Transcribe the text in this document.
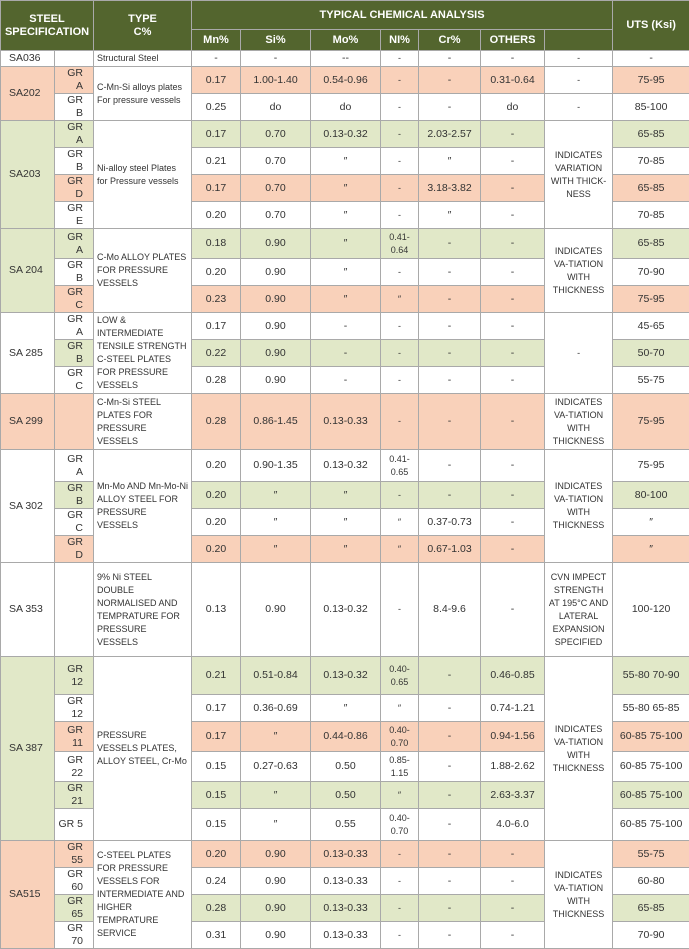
STEEL SPECIFICATION		TYPE
C%	TYPICAL CHEMICAL ANALYSIS							UTS (Ksi)
			Mn%	Si%	Mo%	NI%	Cr%	OTHERS		
SA036		Structural Steel	-	-	--	-	-	-	-	-
SA202	GR A	C-Mn-Si alloys plates For pressure vessels	0.17	1.00-1.40	0.54-0.96	-	-	0.31-0.64	-	75-95
	GR B		0.25	do	do	-	-	do	-	85-100
SA203	GR A	Ni-alloy steel Plates for Pressure vessels	0.17	0.70	0.13-0.32	-	2.03-2.57	-	INDICATES VARIATION WITH THICK-NESS	65-85
	GR B		0.21	0.70	″	-	″	-		70-85
	GR D		0.17	0.70	″	-	3.18-3.82	-		65-85
	GR E		0.20	0.70	″	-	″	-		70-85
SA 204	GR A	C-Mo ALLOY PLATES FOR PRESSURE VESSELS	0.18	0.90	″	0.41-0.64	-	-	INDICATES VA-TIATION WITH THICKNESS	65-85
	GR B		0.20	0.90	″	-	-	-		70-90
	GR C		0.23	0.90	″	″	-	-		75-95
SA 285	GR A	LOW & INTERMEDIATE TENSILE STRENGTH C-STEEL PLATES FOR PRESSURE VESSELS	0.17	0.90	-	-	-	-	-	45-65
	GR B		0.22	0.90	-	-	-	-		50-70
	GR C		0.28	0.90	-	-	-	-		55-75
SA 299		C-Mn-Si STEEL PLATES FOR PRESSURE VESSELS	0.28	0.86-1.45	0.13-0.33	-	-	-	INDICATES VA-TIATION WITH THICKNESS	75-95
SA 302	GR A	Mn-Mo AND Mn-Mo-Ni ALLOY STEEL FOR PRESSURE VESSELS	0.20	0.90-1.35	0.13-0.32	0.41-0.65	-	-	INDICATES VA-TIATION WITH THICKNESS	75-95
	GR B		0.20	″	″	-	-	-		80-100
	GR C		0.20	″	″	″	0.37-0.73	-		″
	GR D		0.20	″	″	″	0.67-1.03	-		″
SA 353		9% Ni STEEL DOUBLE NORMALISED AND TEMPRATURE FOR PRESSURE VESSELS	0.13	0.90	0.13-0.32	-	8.4-9.6	-	CVN IMPECT STRENGTH AT 195°C AND LATERAL EXPANSION SPECIFIED	100-120
SA 387	GR 12	PRESSURE VESSELS PLATES, ALLOY STEEL, Cr-Mo	0.21	0.51-0.84	0.13-0.32	0.40-0.65	-	0.46-0.85	INDICATES VA-TIATION WITH THICKNESS	55-80 70-90
	GR 12		0.17	0.36-0.69	″	″	-	0.74-1.21		55-80 65-85
	GR 11		0.17	″	0.44-0.86	0.40-0.70	-	0.94-1.56		60-85 75-100
	GR 22		0.15	0.27-0.63	0.50	0.85-1.15	-	1.88-2.62		60-85 75-100
	GR 21		0.15	″	0.50	″	-	2.63-3.37		60-85 75-100
	GR 5		0.15	″	0.55	0.40-0.70	-	4.0-6.0		60-85 75-100
SA515	GR 55	C-STEEL PLATES FOR PRESSURE VESSELS FOR INTERMEDIATE AND HIGHER TEMPRATURE SERVICE	0.20	0.90	0.13-0.33	-	-	-	INDICATES VA-TIATION WITH THICKNESS	55-75
	GR 60		0.24	0.90	0.13-0.33	-	-	-		60-80
	GR 65		0.28	0.90	0.13-0.33	-	-	-		65-85
	GR 70		0.31	0.90	0.13-0.33	-	-	-		70-90
